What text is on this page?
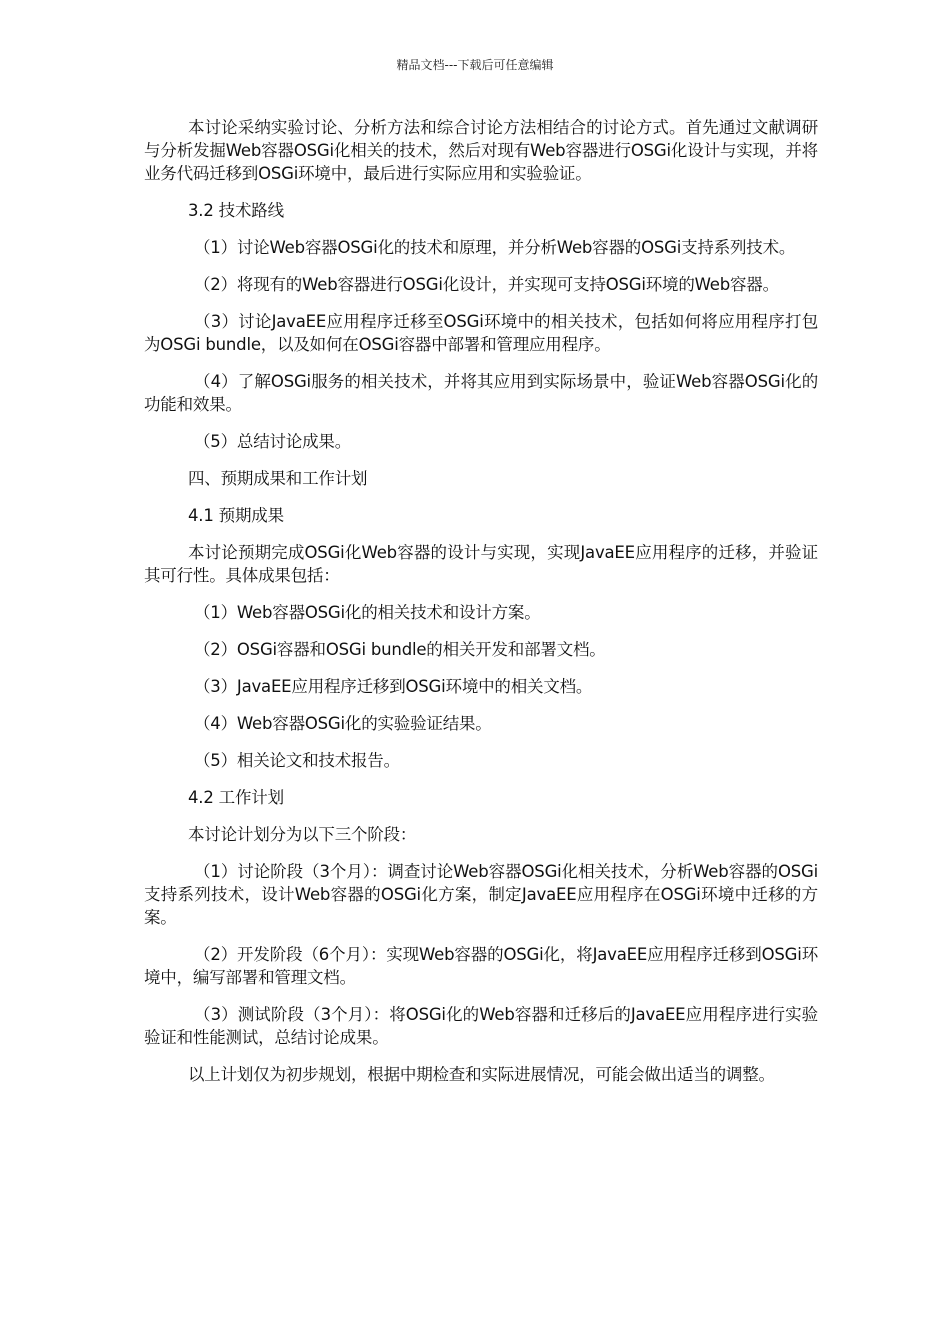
精品文档---下载后可任意编辑

本讨论采纳实验讨论、分析方法和综合讨论方法相结合的讨论方式。首先通过文献调研与分析发掘Web容器OSGi化相关的技术，然后对现有Web容器进行OSGi化设计与实现，并将业务代码迁移到OSGi环境中，最后进行实际应用和实验验证。

3.2 技术路线

（1）讨论Web容器OSGi化的技术和原理，并分析Web容器的OSGi支持系列技术。

（2）将现有的Web容器进行OSGi化设计，并实现可支持OSGi环境的Web容器。

（3）讨论JavaEE应用程序迁移至OSGi环境中的相关技术，包括如何将应用程序打包为OSGi bundle，以及如何在OSGi容器中部署和管理应用程序。

（4）了解OSGi服务的相关技术，并将其应用到实际场景中，验证Web容器OSGi化的功能和效果。

（5）总结讨论成果。

四、预期成果和工作计划

4.1 预期成果

本讨论预期完成OSGi化Web容器的设计与实现，实现JavaEE应用程序的迁移，并验证其可行性。具体成果包括：

（1）Web容器OSGi化的相关技术和设计方案。

（2）OSGi容器和OSGi bundle的相关开发和部署文档。

（3）JavaEE应用程序迁移到OSGi环境中的相关文档。

（4）Web容器OSGi化的实验验证结果。

（5）相关论文和技术报告。

4.2 工作计划

本讨论计划分为以下三个阶段：

（1）讨论阶段（3个月）：调查讨论Web容器OSGi化相关技术，分析Web容器的OSGi支持系列技术，设计Web容器的OSGi化方案，制定JavaEE应用程序在OSGi环境中迁移的方案。

（2）开发阶段（6个月）：实现Web容器的OSGi化，将JavaEE应用程序迁移到OSGi环境中，编写部署和管理文档。

（3）测试阶段（3个月）：将OSGi化的Web容器和迁移后的JavaEE应用程序进行实验验证和性能测试，总结讨论成果。

以上计划仅为初步规划，根据中期检查和实际进展情况，可能会做出适当的调整。
